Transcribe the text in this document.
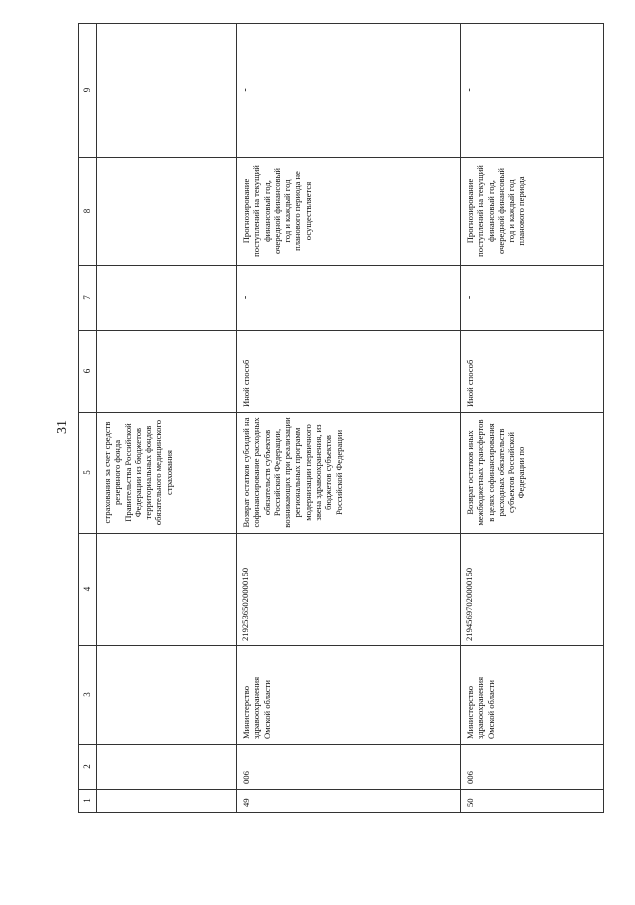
31
1
2
3
4
5
6
7
8
9
страхования за счет средств резервного фонда Правительства Российской Федерации из бюджетов территориальных фондов обязательного медицинского страхования
49
006
Министерство здравоохранения Омской области
21925365020000150
Возврат остатков субсидий на софинансирование расходных обязательств субъектов Российской Федерации, возникающих при реализации региональных программ модернизации первичного звена здравоохранения, из бюджетов субъектов Российской Федерации
Иной способ
-
Прогнозирование поступлений на текущий финансовый год, очередной финансовый год и каждый год планового периода не осуществляется
-
50
006
Министерство здравоохранения Омской области
21945697020000150
Возврат остатков иных межбюджетных трансфертов в целях софинансирования расходных обязательств субъектов Российской Федерации по
Иной способ
-
Прогнозирование поступлений на текущий финансовый год, очередной финансовый год и каждый год планового периода
-
